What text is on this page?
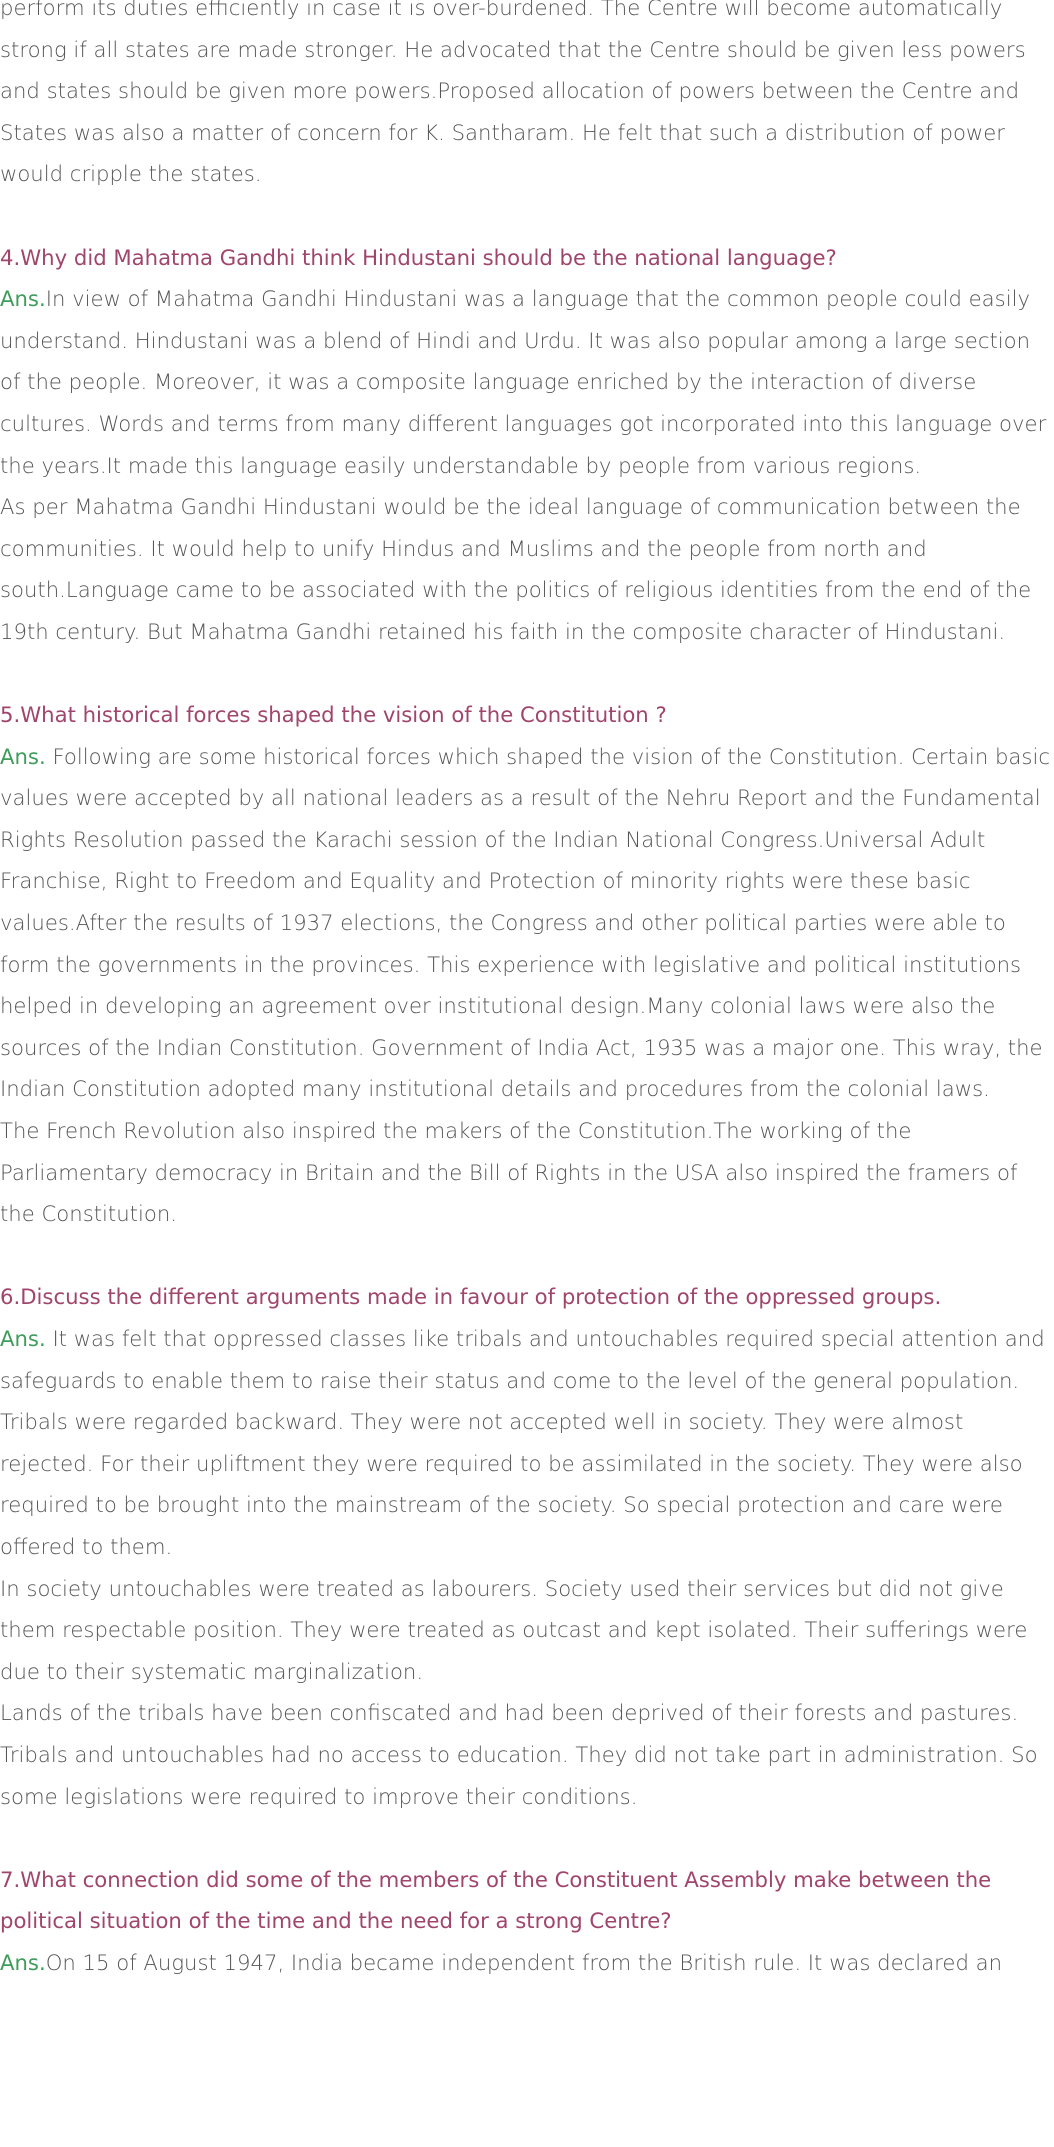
perform its duties efficiently in case it is over-burdened. The Centre will become automatically strong if all states are made stronger. He advocated that the Centre should be given less powers and states should be given more powers.Proposed allocation of powers between the Centre and States was also a matter of concern for K. Santharam. He felt that such a distribution of power would cripple the states.

4.Why did Mahatma Gandhi think Hindustani should be the national language?

Ans.In view of Mahatma Gandhi Hindustani was a language that the common people could easily understand. Hindustani was a blend of Hindi and Urdu. It was also popular among a large section of the people. Moreover, it was a composite language enriched by the interaction of diverse cultures. Words and terms from many different languages got incorporated into this language over the years.It made this language easily understandable by people from various regions.

As per Mahatma Gandhi Hindustani would be the ideal language of communication between the communities. It would help to unify Hindus and Muslims and the people from north and south.Language came to be associated with the politics of religious identities from the end of the 19th century. But Mahatma Gandhi retained his faith in the composite character of Hindustani.

5.What historical forces shaped the vision of the Constitution ?

Ans. Following are some historical forces which shaped the vision of the Constitution. Certain basic values were accepted by all national leaders as a result of the Nehru Report and the Fundamental Rights Resolution passed the Karachi session of the Indian National Congress.Universal Adult Franchise, Right to Freedom and Equality and Protection of minority rights were these basic values.After the results of 1937 elections, the Congress and other political parties were able to form the governments in the provinces. This experience with legislative and political institutions helped in developing an agreement over institutional design.Many colonial laws were also the sources of the Indian Constitution. Government of India Act, 1935 was a major one. This wray, the Indian Constitution adopted many institutional details and procedures from the colonial laws.

The French Revolution also inspired the makers of the Constitution.The working of the Parliamentary democracy in Britain and the Bill of Rights in the USA also inspired the framers of the Constitution.

6.Discuss the different arguments made in favour of protection of the oppressed groups.

Ans. It was felt that oppressed classes like tribals and untouchables required special attention and safeguards to enable them to raise their status and come to the level of the general population.

Tribals were regarded backward. They were not accepted well in society. They were almost rejected. For their upliftment they were required to be assimilated in the society. They were also required to be brought into the mainstream of the society. So special protection and care were offered to them.

In society untouchables were treated as labourers. Society used their services but did not give them respectable position. They were treated as outcast and kept isolated. Their sufferings were due to their systematic marginalization.

Lands of the tribals have been confiscated and had been deprived of their forests and pastures. Tribals and untouchables had no access to education. They did not take part in administration. So some legislations were required to improve their conditions.

7.What connection did some of the members of the Constituent Assembly make between the political situation of the time and the need for a strong Centre?

Ans.On 15 of August 1947, India became independent from the British rule. It was declared an
